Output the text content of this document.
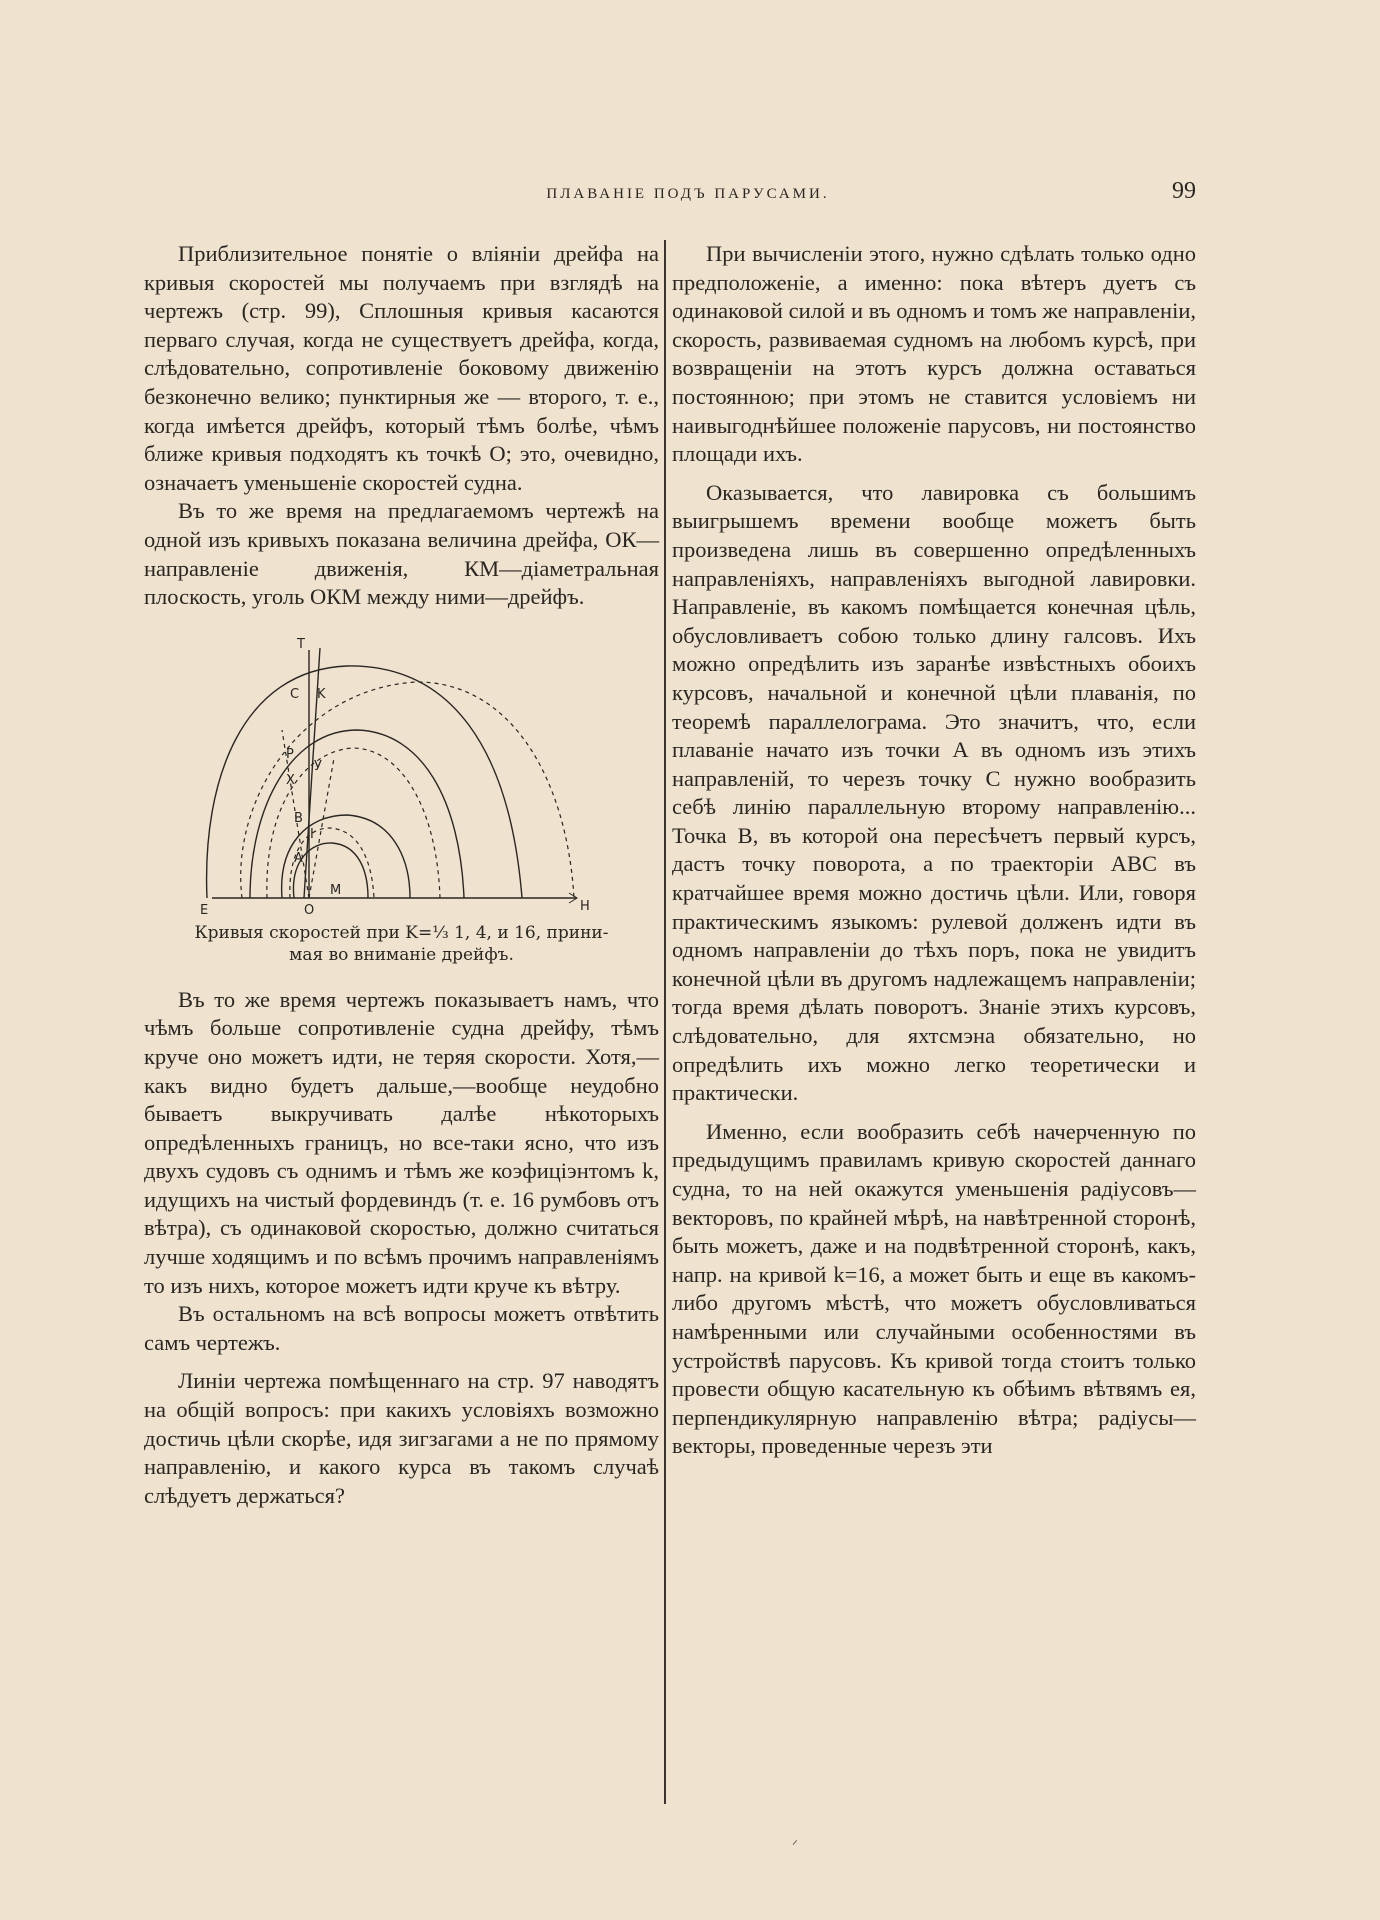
ПЛАВАНІЕ ПОДЪ ПАРУСАМИ.	99

Приблизительное понятіе о вліяніи дрейфа на кривыя скоростей мы получаемъ при взглядѣ на чертежъ (стр. 99), Сплошныя кривыя касаются перваго случая, когда не существуетъ дрейфа, когда, слѣдовательно, сопротивленіе боковому движенію безконечно велико; пунктирныя же — второго, т. е., когда имѣется дрейфъ, который тѣмъ болѣе, чѣмъ ближе кривыя подходятъ къ точкѣ О; это, очевидно, означаетъ уменьшеніе скоростей судна.

Въ то же время на предлагаемомъ чертежѣ на одной изъ кривыхъ показана величина дрейфа, ОК—направленіе движенія, КМ—діаметральная плоскость, уголь ОКМ между ними—дрейфъ.

T
C K
P
У
X
B
I
A
M
E	O	H
Кривыя скоростей при K=⅓ 1, 4, и 16, прини-
мая во вниманіе дрейфъ.

Въ то же время чертежъ показываетъ намъ, что чѣмъ больше сопротивленіе судна дрейфу, тѣмъ круче оно можетъ идти, не теряя скорости. Хотя,—какъ видно будетъ дальше,—вообще неудобно бываетъ выкручивать далѣе нѣкоторыхъ опредѣленныхъ границъ, но все-таки ясно, что изъ двухъ судовъ съ однимъ и тѣмъ же коэфиціэнтомъ k, идущихъ на чистый фордевиндъ (т. е. 16 румбовъ отъ вѣтра), съ одинаковой скоростью, должно считаться лучше ходящимъ и по всѣмъ прочимъ направленіямъ то изъ нихъ, которое можетъ идти круче къ вѣтру.

Въ остальномъ на всѣ вопросы можетъ отвѣтить самъ чертежъ.

Линіи чертежа помѣщеннаго на стр. 97 наводятъ на общій вопросъ: при какихъ условіяхъ возможно достичь цѣли скорѣе, идя зигзагами а не по прямому направленію, и какого курса въ такомъ случаѣ слѣдуетъ держаться?

При вычисленіи этого, нужно сдѣлать только одно предположеніе, а именно: пока вѣтеръ дуетъ съ одинаковой силой и въ одномъ и томъ же направленіи, скорость, развиваемая судномъ на любомъ курсѣ, при возвращеніи на этотъ курсъ должна оставаться постоянною; при этомъ не ставится условіемъ ни наивыгоднѣйшее положеніе парусовъ, ни постоянство площади ихъ.

Оказывается, что лавировка съ большимъ выигрышемъ времени вообще можетъ быть произведена лишь въ совершенно опредѣленныхъ направленіяхъ, направленіяхъ выгодной лавировки. Направленіе, въ какомъ помѣщается конечная цѣль, обусловливаетъ собою только длину галсовъ. Ихъ можно опредѣлить изъ заранѣе извѣстныхъ обоихъ курсовъ, начальной и конечной цѣли плаванія, по теоремѣ параллелограма. Это значитъ, что, если плаваніе начато изъ точки А въ одномъ изъ этихъ направленій, то черезъ точку С нужно вообразить себѣ линію параллельную второму направленію... Точка В, въ которой она пересѣчетъ первый курсъ, дастъ точку поворота, а по траекторіи АВС въ кратчайшее время можно достичь цѣли. Или, говоря практическимъ языкомъ: рулевой долженъ идти въ одномъ направленіи до тѣхъ поръ, пока не увидитъ конечной цѣли въ другомъ надлежащемъ направленіи; тогда время дѣлать поворотъ. Знаніе этихъ курсовъ, слѣдовательно, для яхтсмэна обязательно, но опредѣлить ихъ можно легко теоретически и практически.

Именно, если вообразить себѣ начерченную по предыдущимъ правиламъ кривую скоростей даннаго судна, то на ней окажутся уменьшенія радіусовъ— векторовъ, по крайней мѣрѣ, на навѣтренной сторонѣ, быть можетъ, даже и на подвѣтренной сторонѣ, какъ, напр. на кривой k=16, а может быть и еще въ какомъ-либо другомъ мѣстѣ, что можетъ обусловливаться намѣренными или случайными особенностями въ устройствѣ парусовъ. Къ кривой тогда стоитъ только провести общую касательную къ обѣимъ вѣтвямъ ея, перпендикулярную направленію вѣтра; радіусы—векторы, проведенные черезъ эти

ᐟ
